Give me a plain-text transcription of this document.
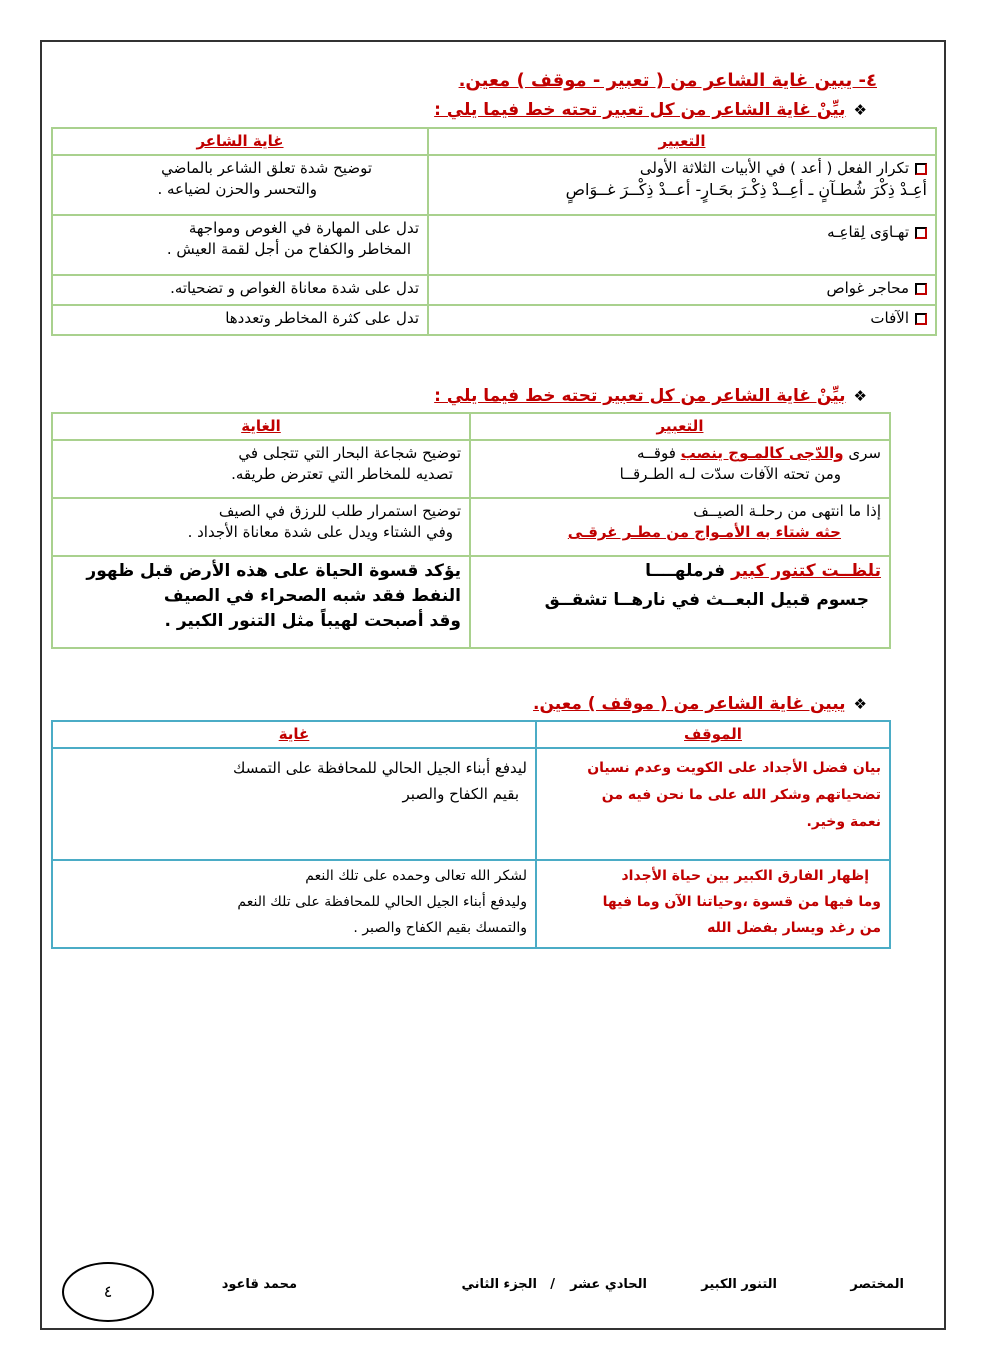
٤- يبين غاية الشاعر من ( تعبير - موقف ) معين.
❖بيِّنْ غاية الشاعر من كل تعبير تحته خط فيما يلي :
التعبير	غاية الشاعر

تكرار الفعل ( أعد ) في الأبيات الثلاثة الأولى
أعِـدْ ذِكْرَ شُطـآنٍ ـ أعِــدْ ذِكْـرَ بحَـارٍ- أعــدْ ذِكْــرَ غــوَاصٍ	توضيح شدة تعلق الشاعر بالماضي
والتحسر والحزن لضياعه .

تهـاوَى لِقاعِـه	تدل على المهارة في الغوص ومواجهة
المخاطر والكفاح من أجل لقمة العيش .

محاجر غواص	تدل على شدة معاناة الغواص و تضحياته.

الآفات	تدل على كثرة المخاطر وتعددها
❖بيِّنْ غاية الشاعر من كل تعبير تحته خط فيما يلي :
التعبير	الغاية

سرى والدّجى كالمـوج ينصب فوقــه
ومن تحته الآفات سدّت لـه الطـرقــا	توضيح شجاعة البحار التي تتجلى في
تصديه للمخاطر التي تعترض طريقه.

إذا ما انتهى من رحلـة الصيــف
حثه شتاء به الأمـواج من مطـر غرقـى	توضيح استمرار طلب للرزق في الصيف
وفي الشتاء ويدل على شدة معاناة الأجداد .

تلظــت كتنور كبير فرملهــــا
جسوم قبيل البعــث في نارهــا تشقــق	يؤكد قسوة الحياة على هذه الأرض قبل ظهور
النفط فقد شبه الصحراء في الصيف
وقد أصبحت لهيباً مثل التنور الكبير .
❖يبين غاية الشاعر من ( موقف ) معين.
الموقف	غاية

بيان فضل الأجداد على الكويت وعدم نسيان
تضحياتهم وشكر الله على ما نحن فيه من
نعمة وخير.	ليدفع أبناء الجيل الحالي للمحافظة على التمسك
بقيم الكفاح والصبر

إظهار الفارق الكبير بين حياة الأجداد
وما فيها من قسوة ،وحياتنا الآن وما فيها
من رغد ويسار بفضل الله	لشكر الله تعالى وحمده على تلك النعم
وليدفع أبناء الجيل الحالي للمحافظة على تلك النعم
والتمسك بقيم الكفاح والصبر .
المختصر
التنور الكبير
الحادي عشر
/
الجزء الثاني
محمد قاعود
٤
